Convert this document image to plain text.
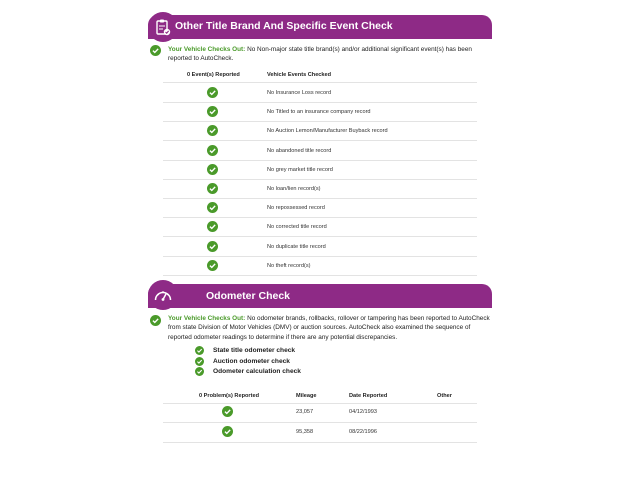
Other Title Brand And Specific Event Check
Your Vehicle Checks Out: No Non-major state title brand(s) and/or additional significant event(s) has been reported to AutoCheck.
0 Event(s) Reported	Vehicle Events Checked
No Insurance Loss record
No Titled to an insurance company record
No Auction Lemon/Manufacturer Buyback record
No abandoned title record
No grey market title record
No loan/lien record(s)
No repossessed record
No corrected title record
No duplicate title record
No theft record(s)
Odometer Check
Your Vehicle Checks Out: No odometer brands, rollbacks, rollover or tampering has been reported to AutoCheck from state Division of Motor Vehicles (DMV) or auction sources. AutoCheck also examined the sequence of reported odometer readings to determine if there are any potential discrepancies.
State title odometer check
Auction odometer check
Odometer calculation check
0 Problem(s) Reported	Mileage	Date Reported	Other
23,057	04/12/1993
95,358	08/22/1996
